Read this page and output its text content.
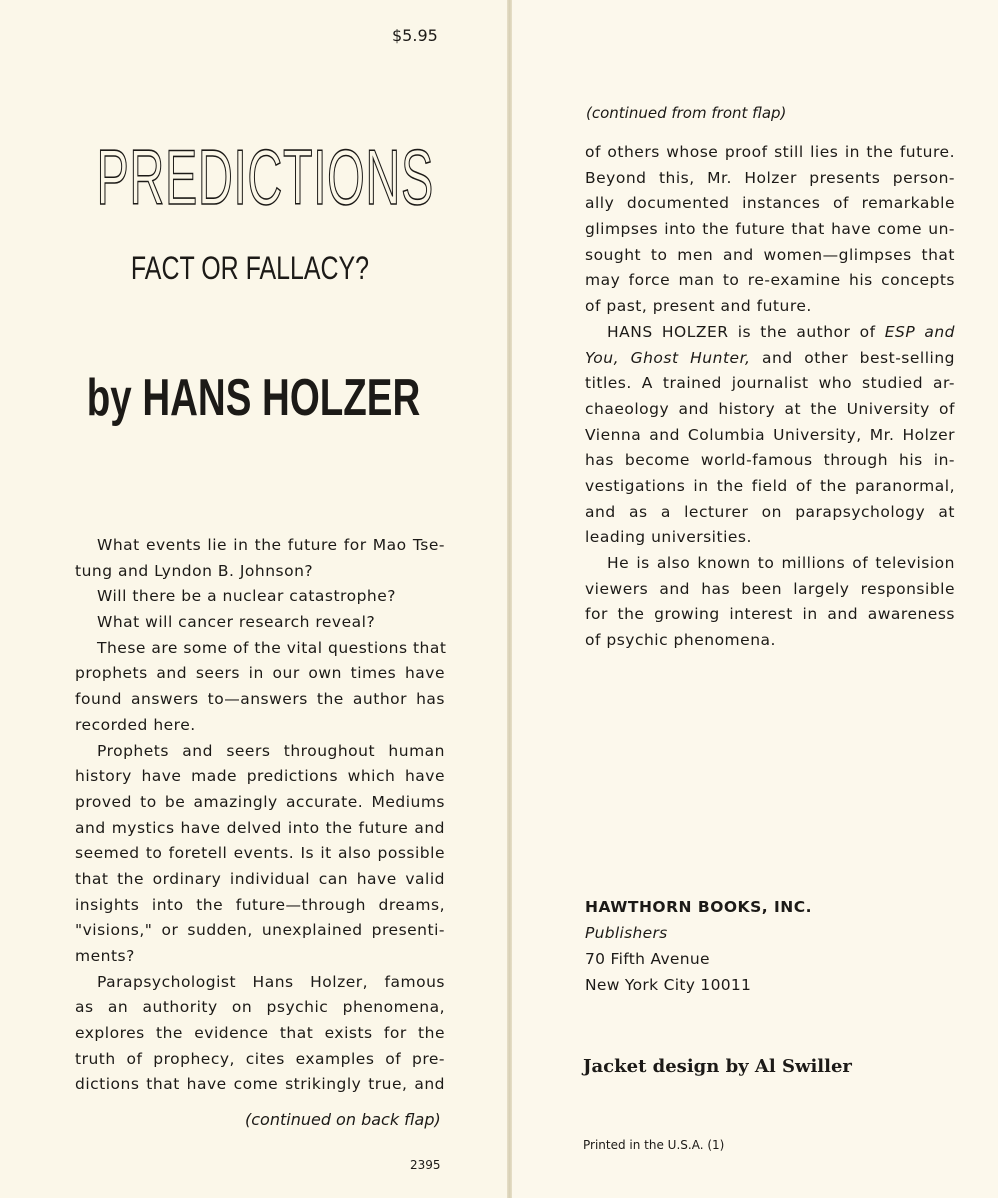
$5.95
PREDICTIONS
FACT OR FALLACY?
by HANS HOLZER
What events lie in the future for Mao Tse-
tung and Lyndon B. Johnson?
Will there be a nuclear catastrophe?
What will cancer research reveal?
These are some of the vital questions that
prophets and seers in our own times have
found answers to—answers the author has
recorded here.
Prophets and seers throughout human
history have made predictions which have
proved to be amazingly accurate. Mediums
and mystics have delved into the future and
seemed to foretell events. Is it also possible
that the ordinary individual can have valid
insights into the future—through dreams,
"visions," or sudden, unexplained presenti-
ments?
Parapsychologist Hans Holzer, famous
as an authority on psychic phenomena,
explores the evidence that exists for the
truth of prophecy, cites examples of pre-
dictions that have come strikingly true, and
(continued on back flap)
2395
(continued from front flap)
of others whose proof still lies in the future.
Beyond this, Mr. Holzer presents person-
ally documented instances of remarkable
glimpses into the future that have come un-
sought to men and women—glimpses that
may force man to re-examine his concepts
of past, present and future.
HANS HOLZER is the author of ESP and
You, Ghost Hunter, and other best-selling
titles. A trained journalist who studied ar-
chaeology and history at the University of
Vienna and Columbia University, Mr. Holzer
has become world-famous through his in-
vestigations in the field of the paranormal,
and as a lecturer on parapsychology at
leading universities.
He is also known to millions of television
viewers and has been largely responsible
for the growing interest in and awareness
of psychic phenomena.
HAWTHORN BOOKS, INC.
Publishers
70 Fifth Avenue
New York City 10011
Jacket design by Al Swiller
Printed in the U.S.A. (1)
